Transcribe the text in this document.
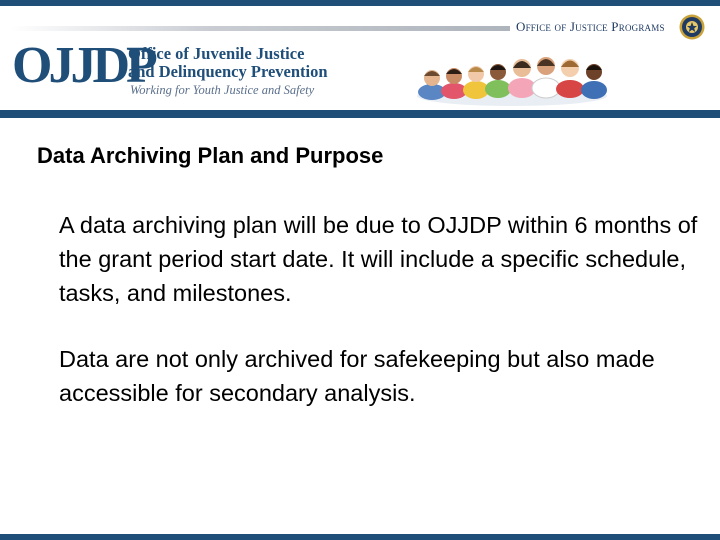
Office of Justice Programs
OJJDP
Office of Juvenile Justice
and Delinquency Prevention
Working for Youth Justice and Safety
Data Archiving Plan and Purpose
A data archiving plan will be due to OJJDP within 6 months of the grant period start date. It will include a specific schedule, tasks, and milestones.
Data are not only archived for safekeeping but also made accessible for secondary analysis.
